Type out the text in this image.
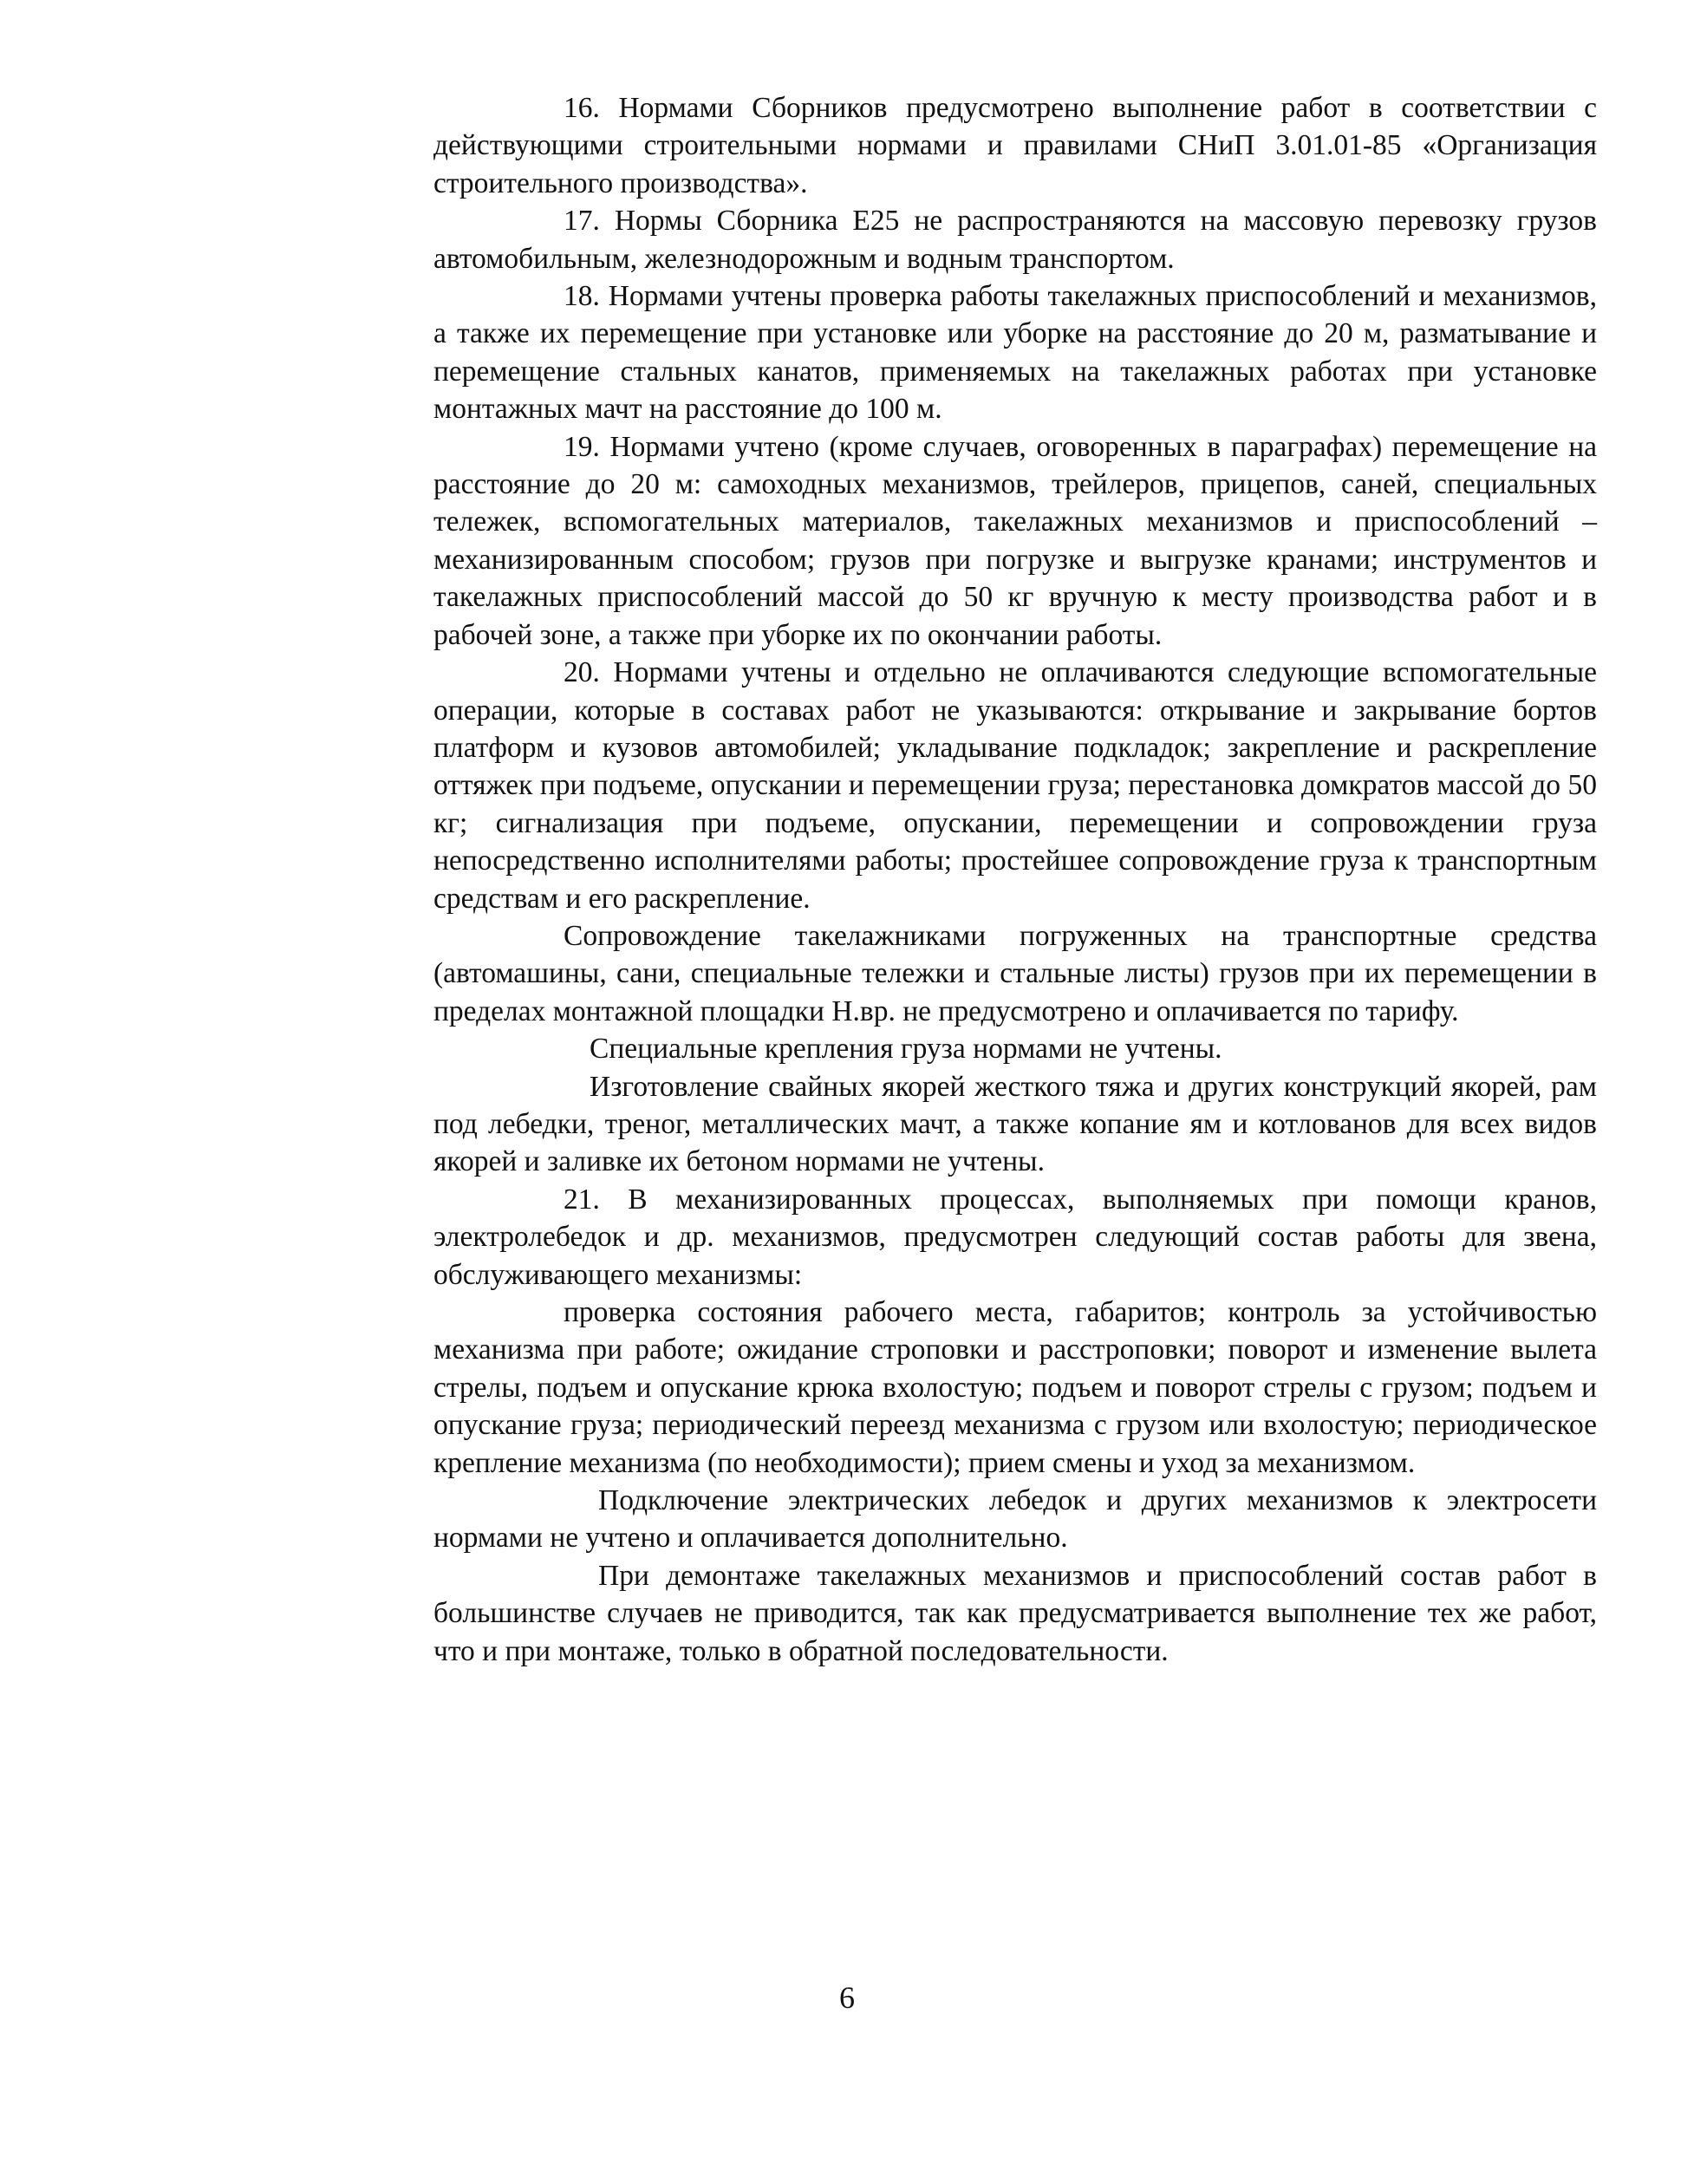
16. Нормами Сборников предусмотрено выполнение работ в соответствии с действующими строительными нормами и правилами СНиП 3.01.01-85 «Организация строительного производства».

17. Нормы Сборника Е25 не распространяются на массовую перевозку грузов автомобильным, железнодорожным и водным транспортом.

18. Нормами учтены проверка работы такелажных приспособлений и механизмов, а также их перемещение при установке или уборке на расстояние до 20 м, разматывание и перемещение стальных канатов, применяемых на такелажных работах при установке монтажных мачт на расстояние до 100 м.

19. Нормами учтено (кроме случаев, оговоренных в параграфах) перемещение на расстояние до 20 м: самоходных механизмов, трейлеров, прицепов, саней, специальных тележек, вспомогательных материалов, такелажных механизмов и приспособлений – механизированным способом; грузов при погрузке и выгрузке кранами; инструментов и такелажных приспособлений массой до 50 кг вручную к месту производства работ и в рабочей зоне, а также при уборке их по окончании работы.

20. Нормами учтены и отдельно не оплачиваются следующие вспомогательные операции, которые в составах работ не указываются: открывание и закрывание бортов платформ и кузовов автомобилей; укладывание подкладок; закрепление и раскрепление оттяжек при подъеме, опускании и перемещении груза; перестановка домкратов массой до 50 кг; сигнализация при подъеме, опускании, перемещении и сопровождении груза непосредственно исполнителями работы; простейшее сопровождение груза к транспортным средствам и его раскрепление.

Сопровождение такелажниками погруженных на транспортные средства (автомашины, сани, специальные тележки и стальные листы) грузов при их перемещении в пределах монтажной площадки Н.вр. не предусмотрено и оплачивается по тарифу.

Специальные крепления груза нормами не учтены.

Изготовление свайных якорей жесткого тяжа и других конструкций якорей, рам под лебедки, треног, металлических мачт, а также копание ям и котлованов для всех видов якорей и заливке их бетоном нормами не учтены.

21. В механизированных процессах, выполняемых при помощи кранов, электролебедок и др. механизмов, предусмотрен следующий состав работы для звена, обслуживающего механизмы:

проверка состояния рабочего места, габаритов; контроль за устойчивостью механизма при работе; ожидание строповки и расстроповки; поворот и изменение вылета стрелы, подъем и опускание крюка вхолостую; подъем и поворот стрелы с грузом; подъем и опускание груза; периодический переезд механизма с грузом или вхолостую; периодическое крепление механизма (по необходимости); прием смены и уход за механизмом.

Подключение электрических лебедок и других механизмов к электросети нормами не учтено и оплачивается дополнительно.

При демонтаже такелажных механизмов и приспособлений состав работ в большинстве случаев не приводится, так как предусматривается выполнение тех же работ, что и при монтаже, только в обратной последовательности.

6
